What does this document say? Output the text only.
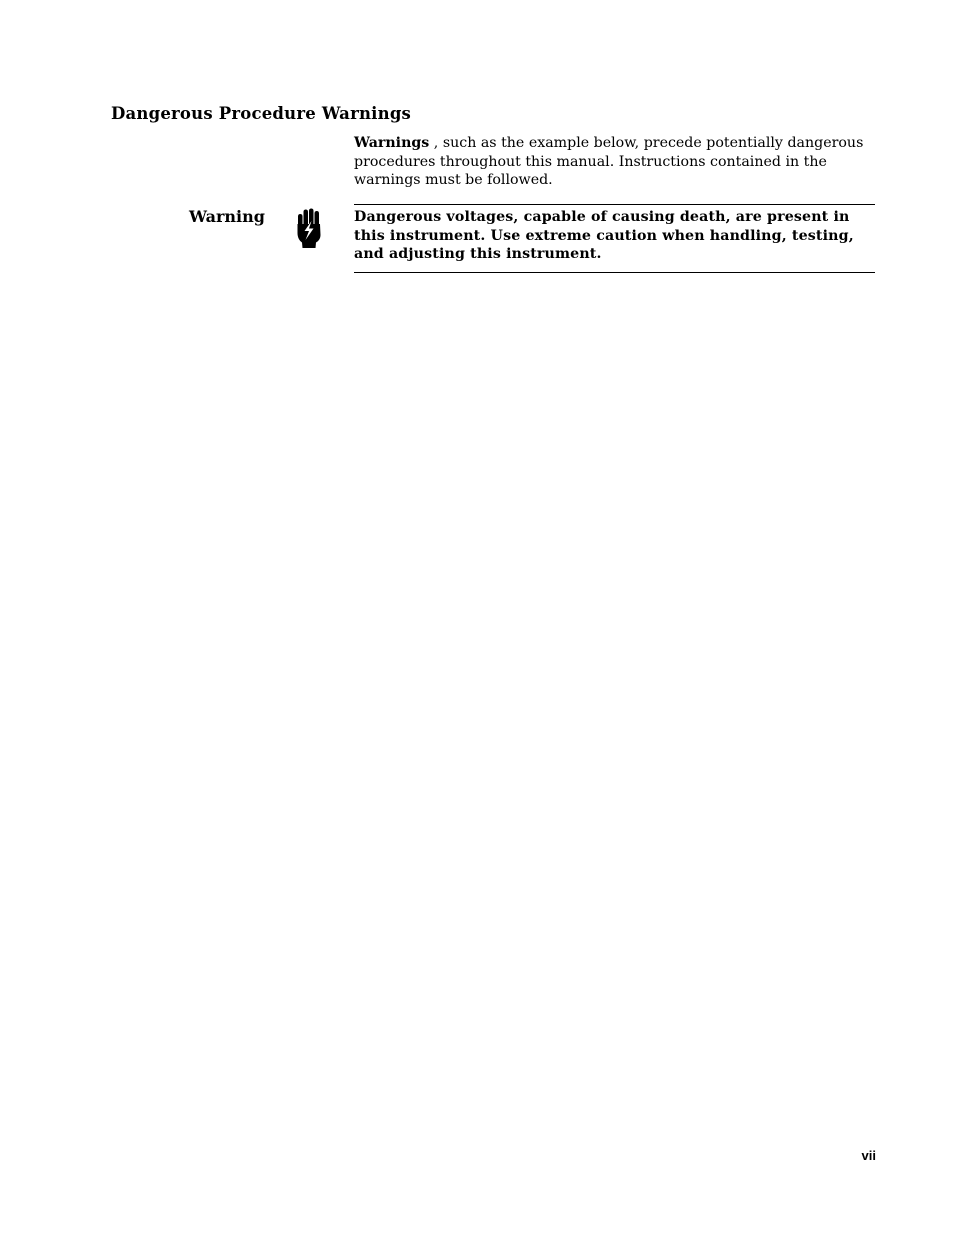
Dangerous Procedure Warnings
Warnings , such as the example below, precede potentially dangerous procedures throughout this manual. Instructions contained in the warnings must be followed.
Warning	Dangerous voltages, capable of causing death, are present in this instrument. Use extreme caution when handling, testing, and adjusting this instrument.
vii
